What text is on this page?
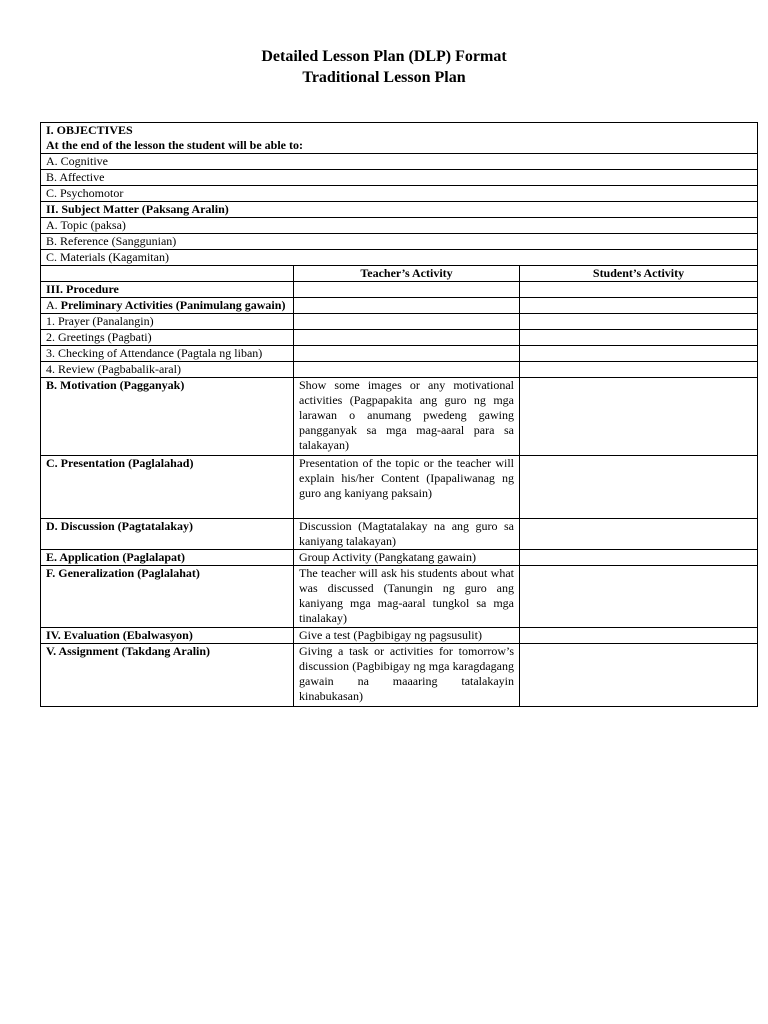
Detailed Lesson Plan (DLP) Format
Traditional Lesson Plan
I. OBJECTIVES
At the end of the lesson the student will be able to:		

A. Cognitive		
B. Affective		
C. Psychomotor		
II. Subject Matter (Paksang Aralin)		
A. Topic (paksa)		
B. Reference (Sanggunian)		
C. Materials (Kagamitan)		
	Teacher’s Activity	Student’s Activity
III. Procedure		
A. Preliminary Activities (Panimulang gawain)		
1. Prayer (Panalangin)		
2. Greetings (Pagbati)		
3. Checking of Attendance (Pagtala ng liban)		
4. Review (Pagbabalik-aral)		
B. Motivation (Pagganyak)	Show some images or any motivational activities (Pagpapakita ang guro ng mga larawan o anumang pwedeng gawing pangganyak sa mga mag-aaral para sa talakayan)	
C. Presentation (Paglalahad)	Presentation of the topic or the teacher will explain his/her Content (Ipapaliwanag ng guro ang kaniyang paksain)	
D. Discussion (Pagtatalakay)	Discussion (Magtatalakay na ang guro sa kaniyang talakayan)	
E. Application (Paglalapat)	Group Activity (Pangkatang gawain)	
F. Generalization (Paglalahat)	The teacher will ask his students about what was discussed (Tanungin ng guro ang kaniyang mga mag-aaral tungkol sa mga tinalakay)	
IV. Evaluation (Ebalwasyon)	Give a test (Pagbibigay ng pagsusulit)	
V. Assignment (Takdang Aralin)	Giving a task or activities for tomorrow’s discussion (Pagbibigay ng mga karagdagang gawain na maaaring tatalakayin kinabukasan)	
